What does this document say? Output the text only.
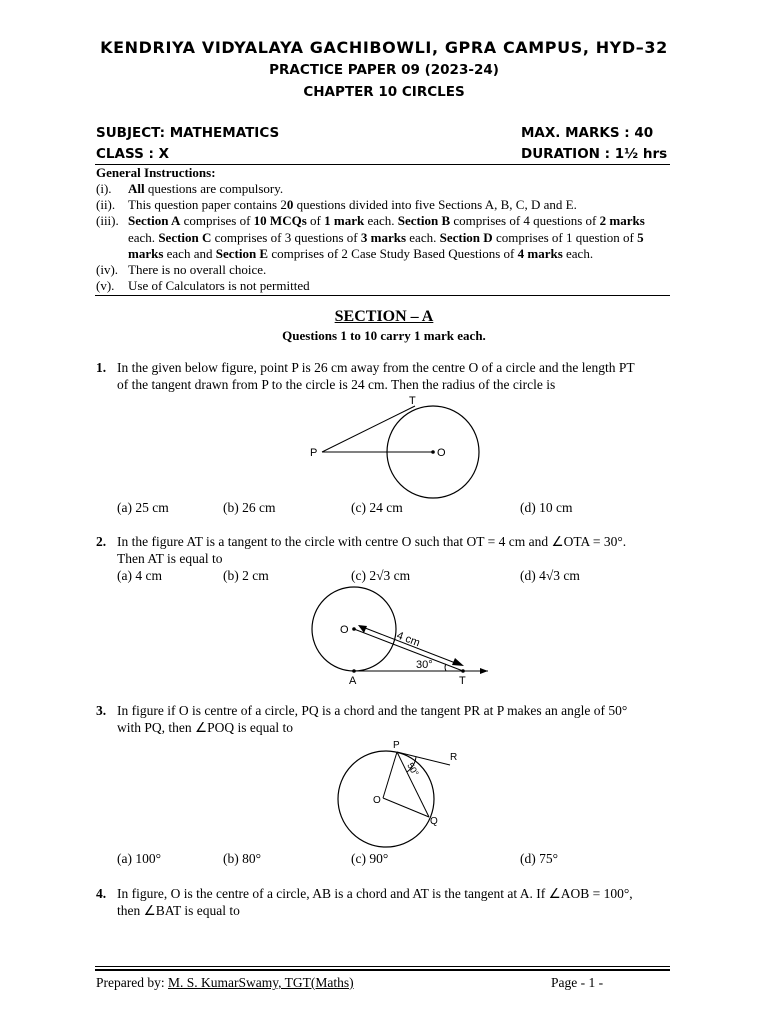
KENDRIYA VIDYALAYA GACHIBOWLI, GPRA CAMPUS, HYD–32
PRACTICE PAPER 09 (2023-24)
CHAPTER 10 CIRCLES
SUBJECT: MATHEMATICS	MAX. MARKS : 40
CLASS : X	DURATION : 1½ hrs
General Instructions:
(i). All questions are compulsory.
(ii). This question paper contains 20 questions divided into five Sections A, B, C, D and E.
(iii). Section A comprises of 10 MCQs of 1 mark each. Section B comprises of 4 questions of 2 marks
each. Section C comprises of 3 questions of 3 marks each. Section D comprises of 1 question of 5
marks each and Section E comprises of 2 Case Study Based Questions of 4 marks each.
(iv). There is no overall choice.
(v). Use of Calculators is not permitted
SECTION – A
Questions 1 to 10 carry 1 mark each.
1. In the given below figure, point P is 26 cm away from the centre O of a circle and the length PT
of the tangent drawn from P to the circle is 24 cm. Then the radius of the circle is
T
P	O
(a) 25 cm	(b) 26 cm	(c) 24 cm	(d) 10 cm
2. In the figure AT is a tangent to the circle with centre O such that OT = 4 cm and ∠OTA = 30°.
Then AT is equal to
(a) 4 cm	(b) 2 cm	(c) 2√3 cm	(d) 4√3 cm
O	4 cm
30°
A	T
3. In figure if O is centre of a circle, PQ is a chord and the tangent PR at P makes an angle of 50°
with PQ, then ∠POQ is equal to
P
R
50°
O
Q
(a) 100°	(b) 80°	(c) 90°	(d) 75°
4. In figure, O is the centre of a circle, AB is a chord and AT is the tangent at A. If ∠AOB = 100°,
then ∠BAT is equal to
Prepared by: M. S. KumarSwamy, TGT(Maths)	Page - 1 -
